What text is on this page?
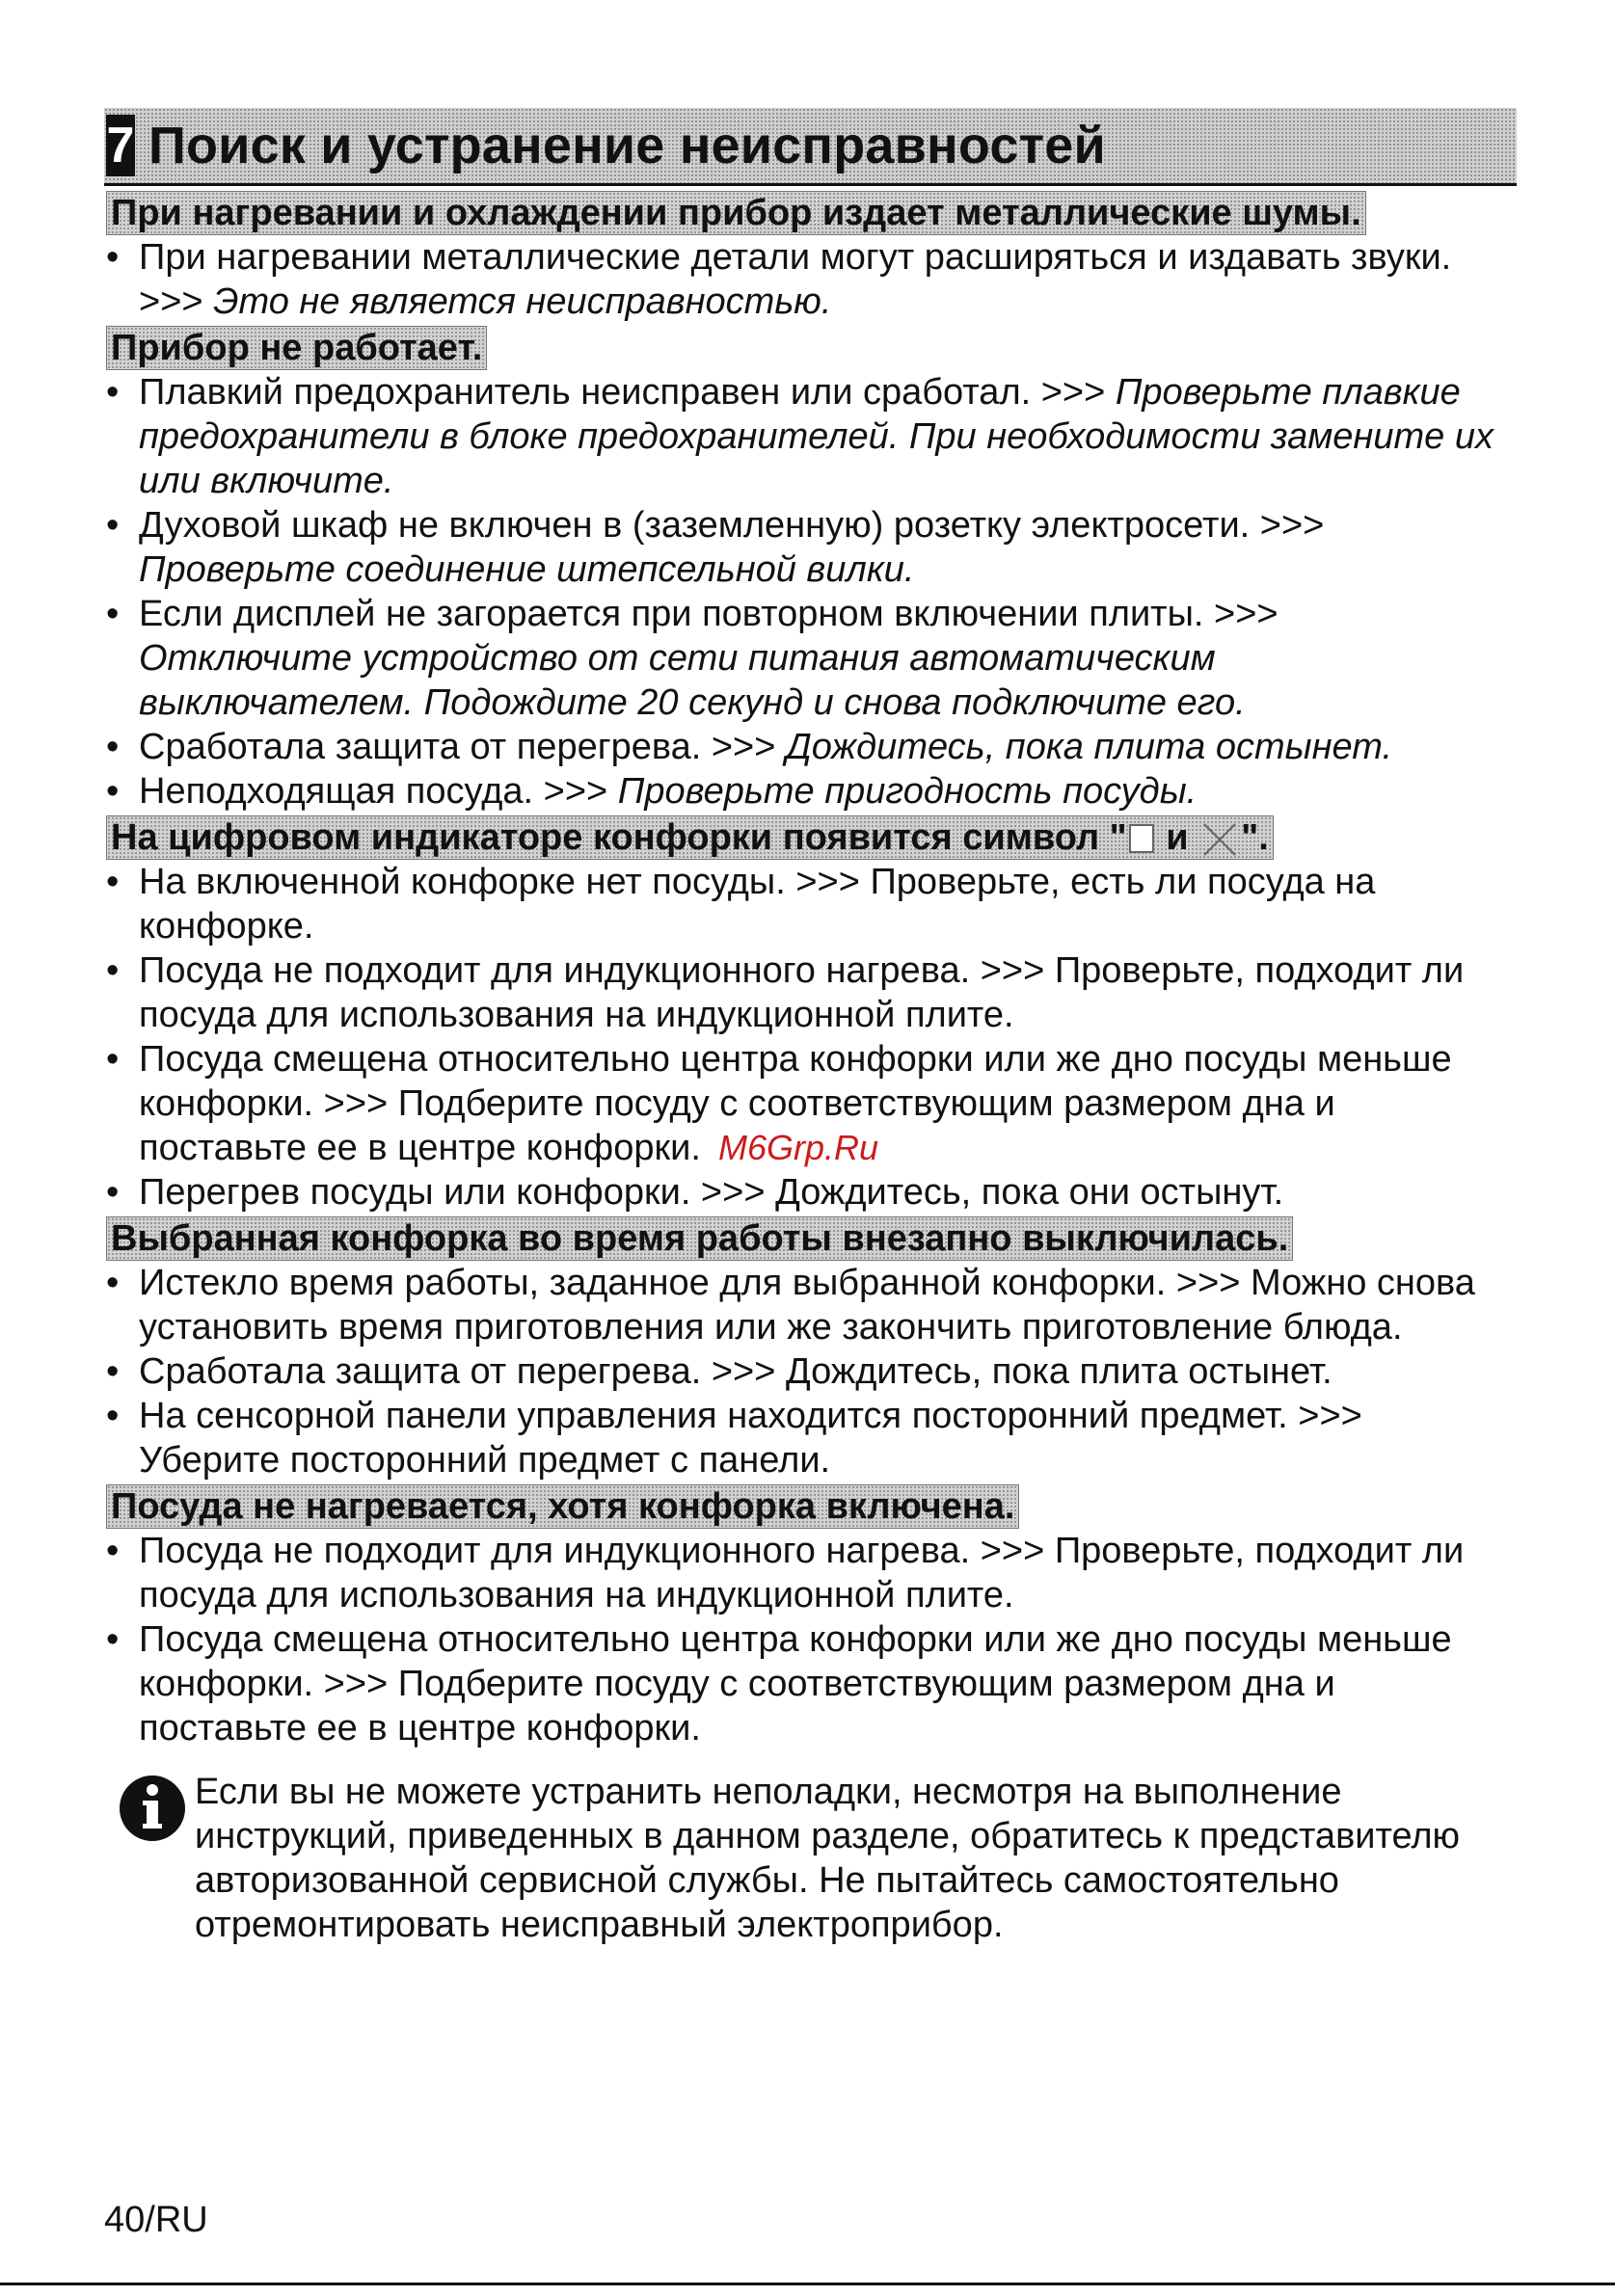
7 Поиск и устранение неисправностей
При нагревании и охлаждении прибор издает металлические шумы.
• При нагревании металлические детали могут расширяться и издавать звуки. >>> Это не является неисправностью.
Прибор не работает.
• Плавкий предохранитель неисправен или сработал. >>> Проверьте плавкие предохранители в блоке предохранителей. При необходимости замените их или включите.
• Духовой шкаф не включен в (заземленную) розетку электросети. >>> Проверьте соединение штепсельной вилки.
• Если дисплей не загорается при повторном включении плиты. >>> Отключите устройство от сети питания автоматическим выключателем. Подождите 20 секунд и снова подключите его.
• Сработала защита от перегрева. >>> Дождитесь, пока плита остынет.
• Неподходящая посуда. >>> Проверьте пригодность посуды.
На цифровом индикаторе конфорки появится символ " и ".
• На включенной конфорке нет посуды. >>> Проверьте, есть ли посуда на конфорке.
• Посуда не подходит для индукционного нагрева. >>> Проверьте, подходит ли посуда для использования на индукционной плите.
• Посуда смещена относительно центра конфорки или же дно посуды меньше конфорки. >>> Подберите посуду с соответствующим размером дна и поставьте ее в центре конфорки.
• Перегрев посуды или конфорки. >>> Дождитесь, пока они остынут.
Выбранная конфорка во время работы внезапно выключилась.
• Истекло время работы, заданное для выбранной конфорки. >>> Можно снова установить время приготовления или же закончить приготовление блюда.
• Сработала защита от перегрева. >>> Дождитесь, пока плита остынет.
• На сенсорной панели управления находится посторонний предмет. >>> Уберите посторонний предмет с панели.
Посуда не нагревается, хотя конфорка включена.
• Посуда не подходит для индукционного нагрева. >>> Проверьте, подходит ли посуда для использования на индукционной плите.
• Посуда смещена относительно центра конфорки или же дно посуды меньше конфорки. >>> Подберите посуду с соответствующим размером дна и поставьте ее в центре конфорки.
Если вы не можете устранить неполадки, несмотря на выполнение инструкций, приведенных в данном разделе, обратитесь к представителю авторизованной сервисной службы. Не пытайтесь самостоятельно отремонтировать неисправный электроприбор.
M6Grp.Ru
40/RU
